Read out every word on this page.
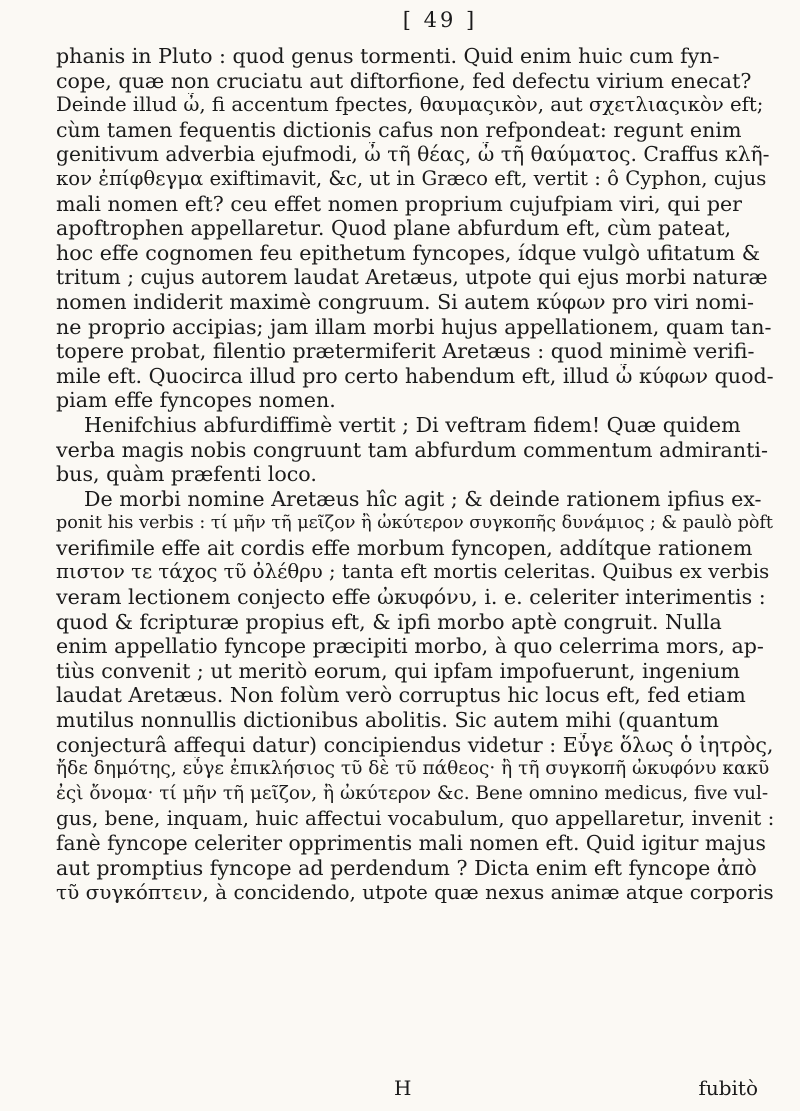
[ 49 ]

phanis in Pluto : quod genus tormenti. Quid enim huic cum fyn-
cope, quæ non cruciatu aut diftorfione, fed defectu virium enecat?
Deinde illud ὦ, fi accentum fpectes, θαυμαςικὸν, aut σχετλιαςικὸν eft;
cùm tamen fequentis dictionis cafus non refpondeat: regunt enim
genitivum adverbia ejufmodi, ὦ τῆ θέας, ὦ τῆ θαύματος. Craffus κλῆ-
κον ἐπίφθεγμα exiftimavit, &c, ut in Græco eft, vertit : ô Cyphon, cujus
mali nomen eft? ceu effet nomen proprium cujufpiam viri, qui per
apoftrophen appellaretur. Quod plane abfurdum eft, cùm pateat,
hoc effe cognomen feu epithetum fyncopes, ídque vulgò ufitatum &
tritum ; cujus autorem laudat Aretæus, utpote qui ejus morbi naturæ
nomen indiderit maximè congruum. Si autem κύφων pro viri nomi-
ne proprio accipias; jam illam morbi hujus appellationem, quam tan-
topere probat, filentio prætermiferit Aretæus : quod minimè verifi-
mile eft. Quocirca illud pro certo habendum eft, illud ὦ κύφων quod-
piam effe fyncopes nomen.

Henifchius abfurdiffimè vertit ; Di veftram fidem! Quæ quidem
verba magis nobis congruunt tam abfurdum commentum admiranti-
bus, quàm præfenti loco.

De morbi nomine Aretæus hîc agit ; & deinde rationem ipfius ex-
ponit his verbis : τί μῆν τῆ μεῖζον ἢ ὠκύτερον συγκοπῆς δυνάμιος ; & paulò pòft
verifimile effe ait cordis effe morbum fyncopen, addítque rationem
πιστον τε τάχος τῦ ὀλέθρυ ; tanta eft mortis celeritas. Quibus ex verbis
veram lectionem conjecto effe ὠκυφόνυ, i. e. celeriter interimentis :
quod & fcripturæ propius eft, & ipfi morbo aptè congruit. Nulla
enim appellatio fyncope præcipiti morbo, à quo celerrima mors, ap-
tiùs convenit ; ut meritò eorum, qui ipfam impofuerunt, ingenium
laudat Aretæus. Non folùm verò corruptus hic locus eft, fed etiam
mutilus nonnullis dictionibus abolitis. Sic autem mihi (quantum
conjecturâ affequi datur) concipiendus videtur : Εὖγε ὅλως ὁ ἰητρὸς,
ἤδε δημότης, εὖγε ἐπικλήσιος τῦ δὲ τῦ πάθεος· ἢ τῆ συγκοπῆ ὠκυφόνυ κακῦ
ἐςὶ ὄνομα· τί μῆν τῆ μεῖζον, ἢ ὠκύτερον &c. Bene omnino medicus, five vul-
gus, bene, inquam, huic affectui vocabulum, quo appellaretur, invenit :
fanè fyncope celeriter opprimentis mali nomen eft. Quid igitur majus
aut promptius fyncope ad perdendum ? Dicta enim eft fyncope ἀπὸ
τῦ συγκόπτειν, à concidendo, utpote quæ nexus animæ atque corporis

H	fubitò
